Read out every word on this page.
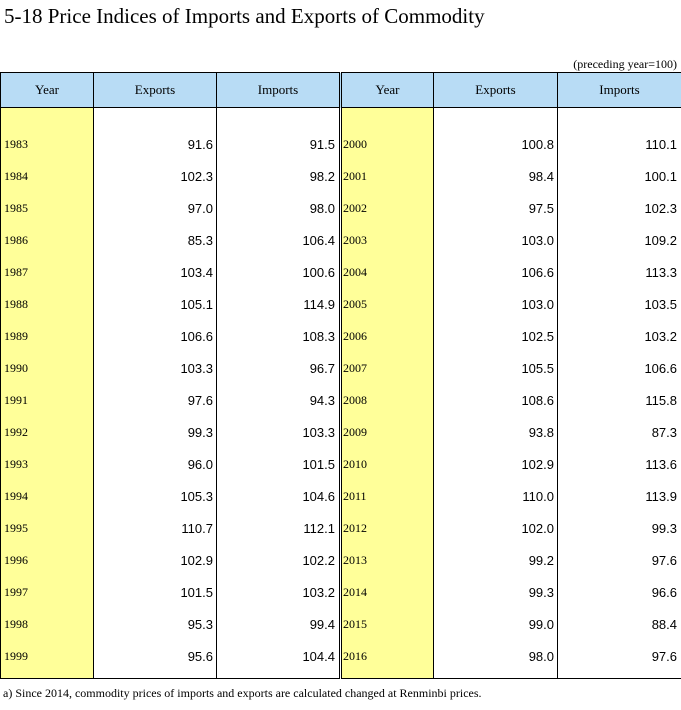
5-18 Price Indices of Imports and Exports of Commodity
(preceding year=100)
Year	Exports	Imports	Year	Exports	Imports

1983	91.6	91.5	2000	100.8	110.1
1984	102.3	98.2	2001	98.4	100.1
1985	97.0	98.0	2002	97.5	102.3
1986	85.3	106.4	2003	103.0	109.2
1987	103.4	100.6	2004	106.6	113.3
1988	105.1	114.9	2005	103.0	103.5
1989	106.6	108.3	2006	102.5	103.2
1990	103.3	96.7	2007	105.5	106.6
1991	97.6	94.3	2008	108.6	115.8
1992	99.3	103.3	2009	93.8	87.3
1993	96.0	101.5	2010	102.9	113.6
1994	105.3	104.6	2011	110.0	113.9
1995	110.7	112.1	2012	102.0	99.3
1996	102.9	102.2	2013	99.2	97.6
1997	101.5	103.2	2014	99.3	96.6
1998	95.3	99.4	2015	99.0	88.4
1999	95.6	104.4	2016	98.0	97.6
a) Since 2014, commodity prices of imports and exports are calculated changed at Renminbi prices.
